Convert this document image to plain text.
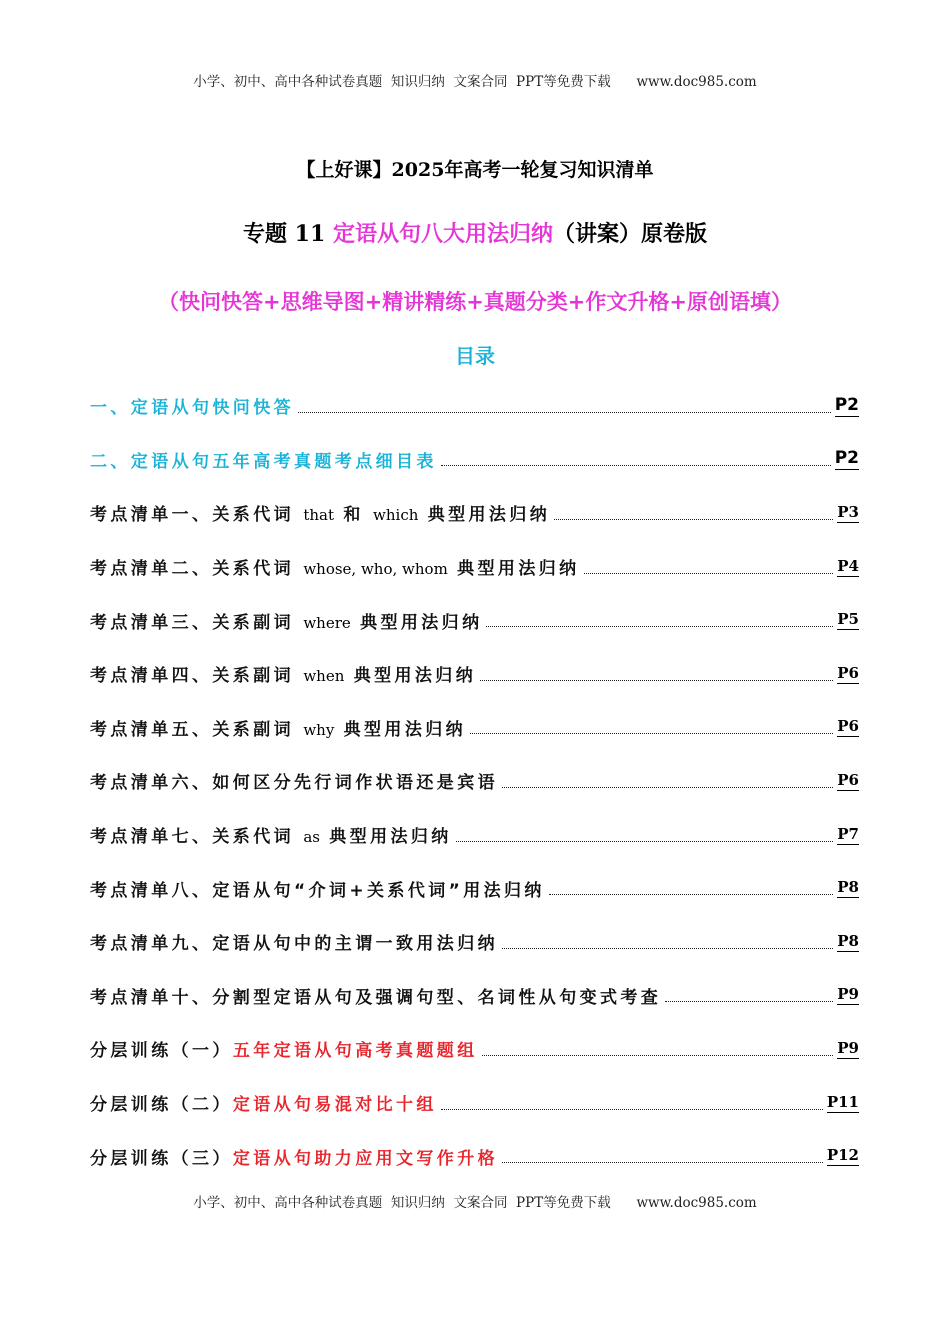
小学、初中、高中各种试卷真题  知识归纳  文案合同  PPT等免费下载      www.doc985.com
【上好课】2025年高考一轮复习知识清单
专题 11 定语从句八大用法归纳（讲案）原卷版
（快问快答+思维导图+精讲精练+真题分类+作文升格+原创语填）
目录
一、定语从句快问快答	P2
二、定语从句五年高考真题考点细目表	P2
考点清单一、关系代词 that 和 which 典型用法归纳	P3
考点清单二、关系代词 whose, who, whom 典型用法归纳	P4
考点清单三、关系副词 where 典型用法归纳	P5
考点清单四、关系副词 when 典型用法归纳	P6
考点清单五、关系副词 why 典型用法归纳	P6
考点清单六、如何区分先行词作状语还是宾语	P6
考点清单七、关系代词 as 典型用法归纳	P7
考点清单八、定语从句“介词+关系代词”用法归纳	P8
考点清单九、定语从句中的主谓一致用法归纳	P8
考点清单十、分割型定语从句及强调句型、名词性从句变式考查	P9
分层训练（一）五年定语从句高考真题题组	P9
分层训练（二）定语从句易混对比十组	P11
分层训练（三）定语从句助力应用文写作升格	P12
小学、初中、高中各种试卷真题  知识归纳  文案合同  PPT等免费下载      www.doc985.com
